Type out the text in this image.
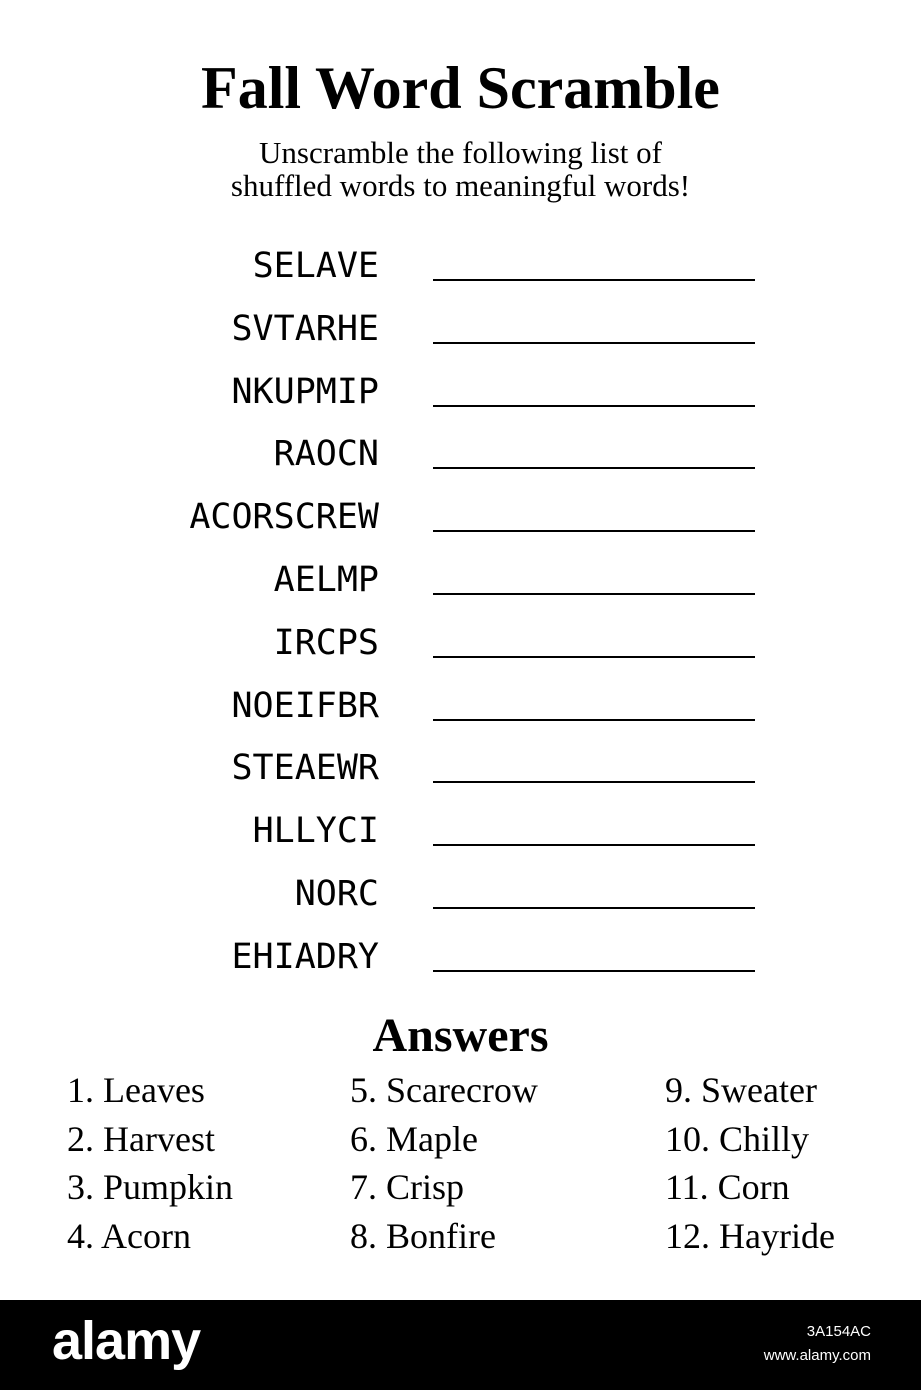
Fall Word Scramble
Unscramble the following list of
shuffled words to meaningful words!
SELAVE
SVTARHE
NKUPMIP
RAOCN
ACORSCREW
AELMP
IRCPS
NOEIFBR
STEAEWR
HLLYCI
NORC
EHIADRY
Answers
1. Leaves
2. Harvest
3. Pumpkin
4. Acorn
5. Scarecrow
6. Maple
7. Crisp
8. Bonfire
9. Sweater
10. Chilly
11. Corn
12. Hayride
alamy	3A154AC
www.alamy.com
